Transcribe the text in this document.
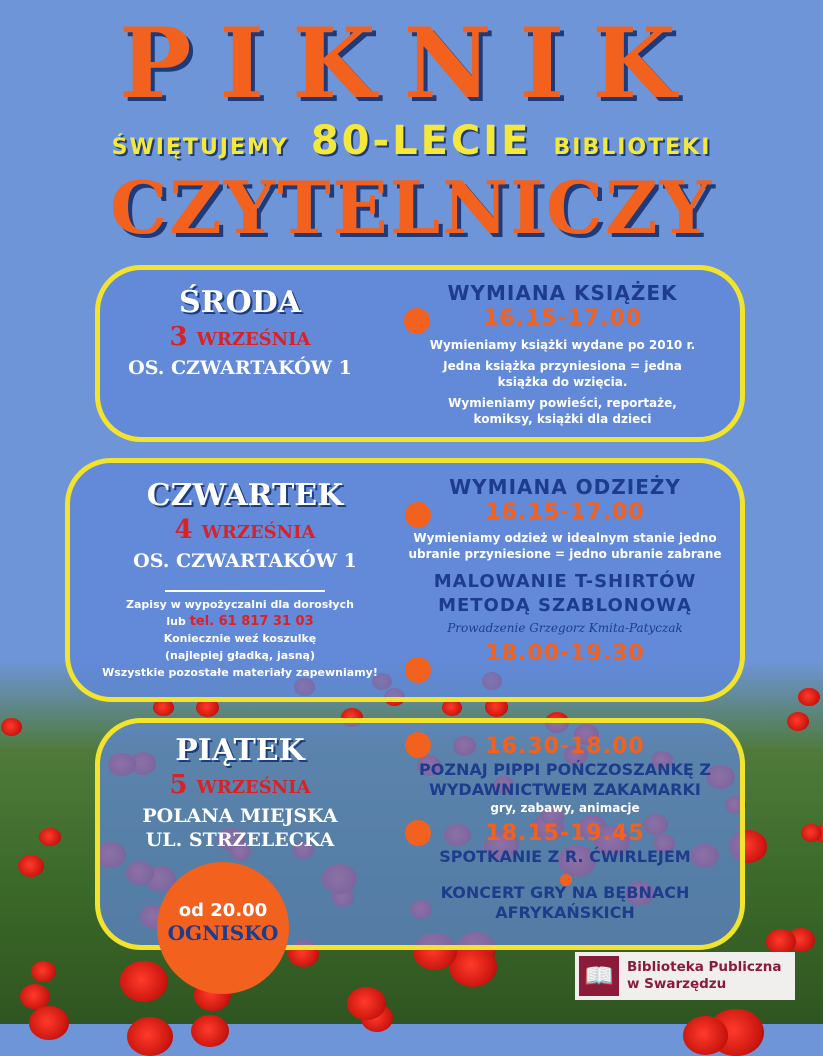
PIKNIK
ŚWIĘTUJEMY 80-LECIE BIBLIOTEKI
CZYTELNICZY
ŚRODA
3 WRZEŚNIA
OS. CZWARTAKÓW 1
WYMIANA KSIĄŻEK
16.15-17.00
Wymieniamy książki wydane po 2010 r.
Jedna książka przyniesiona = jedna książka do wzięcia.
Wymieniamy powieści, reportaże, komiksy, książki dla dzieci
CZWARTEK
4 WRZEŚNIA
OS. CZWARTAKÓW 1
Zapisy w wypożyczalni dla dorosłych
lub tel. 61 817 31 03
Koniecznie weź koszulkę
(najlepiej gładką, jasną)
Wszystkie pozostałe materiały zapewniamy!
WYMIANA ODZIEŻY
16.15-17.00
Wymieniamy odzież w idealnym stanie jedno ubranie przyniesione = jedno ubranie zabrane
MALOWANIE T-SHIRTÓW METODĄ SZABLONOWĄ
Prowadzenie Grzegorz Kmita-Patyczak
18.00-19.30
PIĄTEK
5 WRZEŚNIA
POLANA MIEJSKA
UL. STRZELECKA
od 20.00
OGNISKO
16.30-18.00
POZNAJ PIPPI POŃCZOSZANKĘ Z WYDAWNICTWEM ZAKAMARKI
gry, zabawy, animacje
18.15-19.45
SPOTKANIE Z R. ĆWIRLEJEM
KONCERT GRY NA BĘBNACH AFRYKAŃSKICH
📖 Biblioteka Publiczna
w Swarzędzu
